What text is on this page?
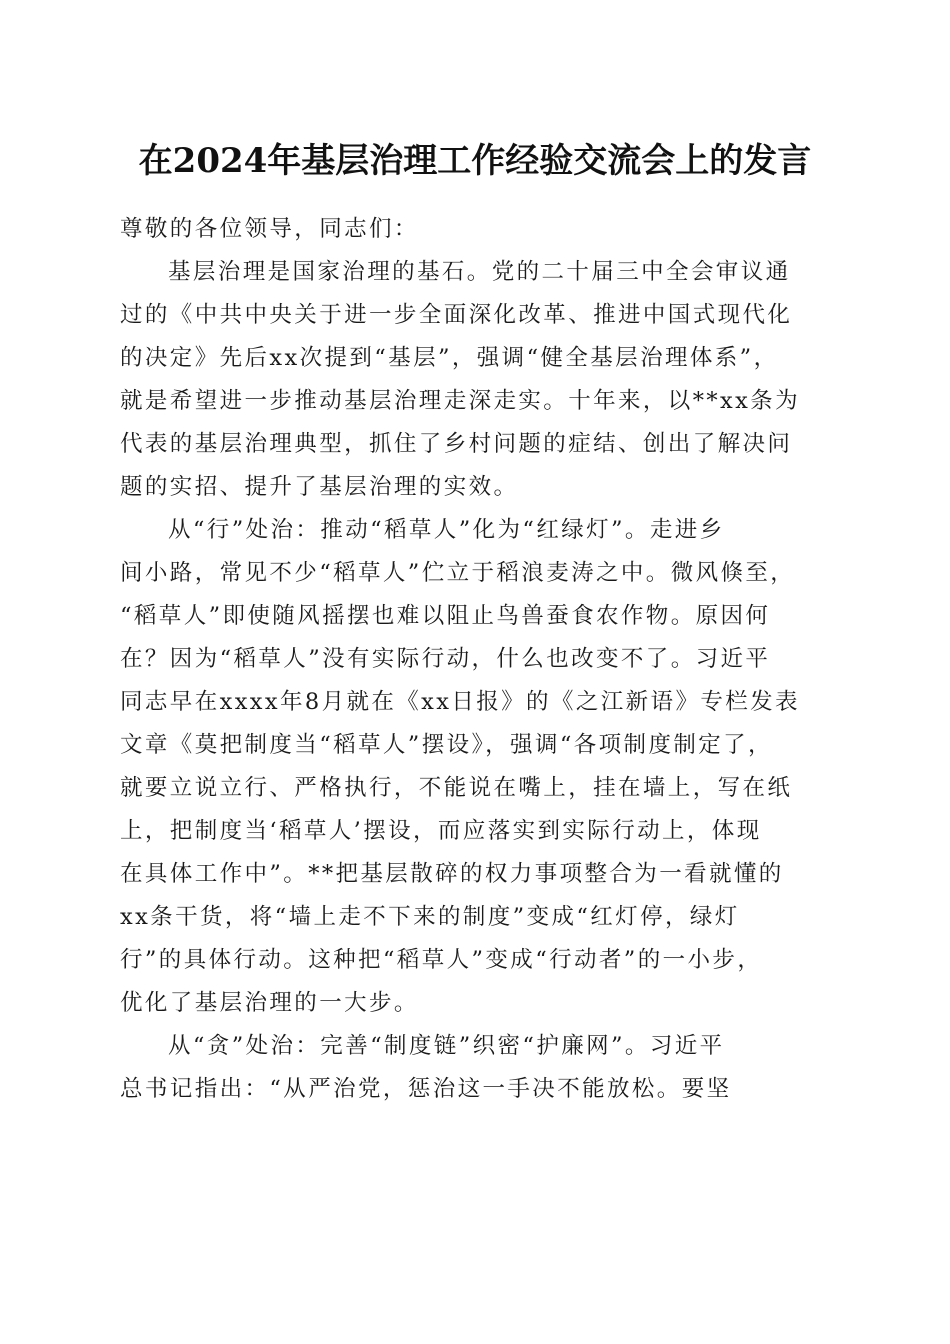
在2024年基层治理工作经验交流会上的发言
尊敬的各位领导，同志们：
基层治理是国家治理的基石。党的二十届三中全会审议通
过的《中共中央关于进一步全面深化改革、推进中国式现代化
的决定》先后xx次提到“基层”，强调“健全基层治理体系”，
就是希望进一步推动基层治理走深走实。十年来，以**xx条为
代表的基层治理典型，抓住了乡村问题的症结、创出了解决问
题的实招、提升了基层治理的实效。
从“行”处治：推动“稻草人”化为“红绿灯”。走进乡
间小路，常见不少“稻草人”伫立于稻浪麦涛之中。微风倏至，
“稻草人”即使随风摇摆也难以阻止鸟兽蚕食农作物。原因何
在？因为“稻草人”没有实际行动，什么也改变不了。习近平
同志早在xxxx年8月就在《xx日报》的《之江新语》专栏发表
文章《莫把制度当“稻草人”摆设》，强调“各项制度制定了，
就要立说立行、严格执行，不能说在嘴上，挂在墙上，写在纸
上，把制度当‘稻草人’摆设，而应落实到实际行动上，体现
在具体工作中”。**把基层散碎的权力事项整合为一看就懂的
xx条干货，将“墙上走不下来的制度”变成“红灯停，绿灯
行”的具体行动。这种把“稻草人”变成“行动者”的一小步，
优化了基层治理的一大步。
从“贪”处治：完善“制度链”织密“护廉网”。习近平
总书记指出：“从严治党，惩治这一手决不能放松。要坚
